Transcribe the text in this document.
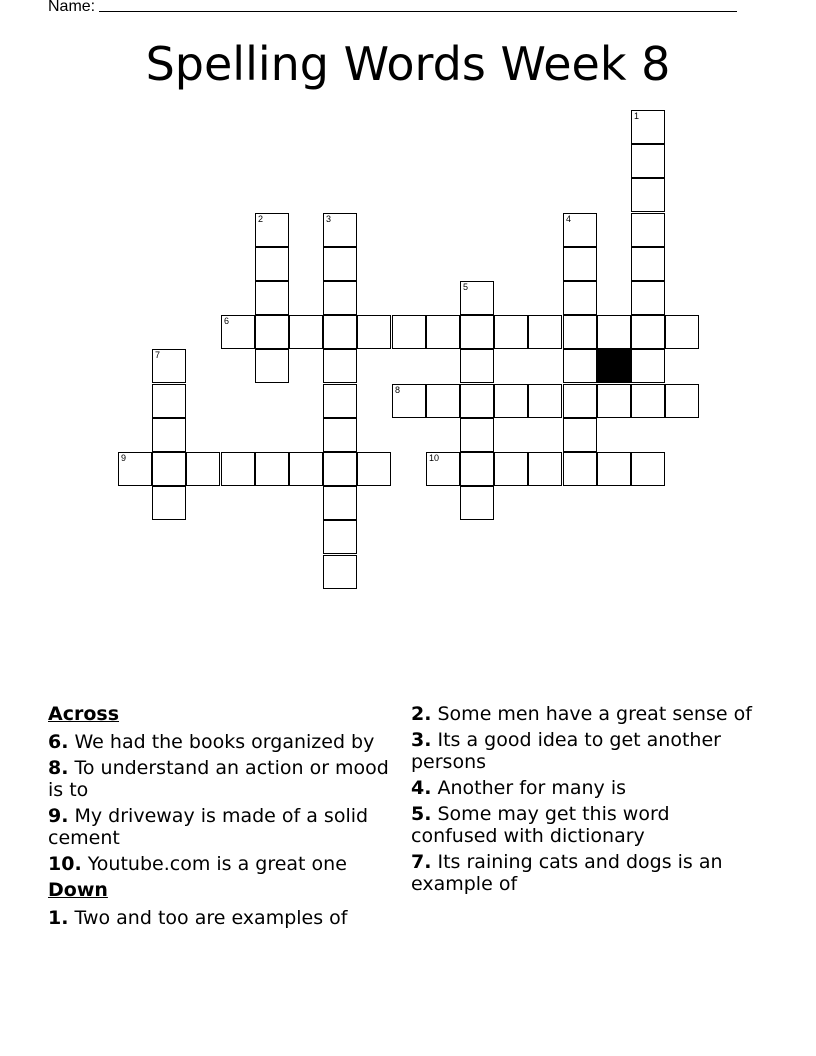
Name:
Spelling Words Week 8
1
2	3	4
5
6
7
8
9	10
Across
6. We had the books organized by
8. To understand an action or mood is to
9. My driveway is made of a solid cement
10. Youtube.com is a great one
Down
1. Two and too are examples of
2. Some men have a great sense of
3. Its a good idea to get another persons
4. Another for many is
5. Some may get this word confused with dictionary
7. Its raining cats and dogs is an example of
